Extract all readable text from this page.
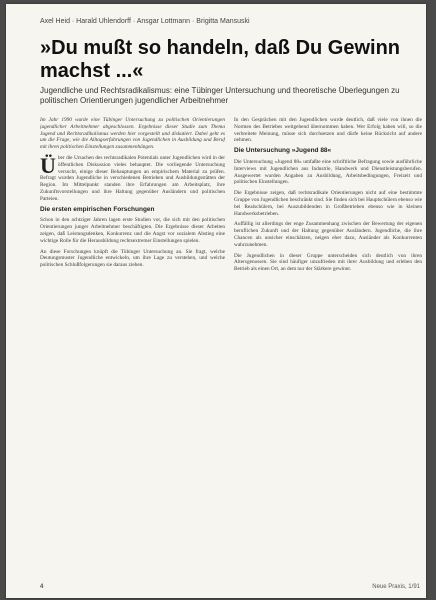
Axel Heid · Harald Uhlendorff · Ansgar Lottmann · Brigitta Mansuski
»Du mußt so handeln, daß Du Gewinn machst ...«
Jugendliche und Rechtsradikalismus: eine Tübinger Untersuchung und theoretische Überlegungen zu politischen Orientierungen jugendlicher Arbeitnehmer

Im Jahr 1990 wurde eine Tübinger Untersuchung zu politischen Orientierungen jugendlicher Arbeitnehmer abgeschlossen. Ergebnisse dieser Studie zum Thema Jugend und Rechtsradikalismus werden hier vorgestellt und diskutiert. Dabei geht es um die Frage, wie die Alltagserfahrungen von Jugendlichen in Ausbildung und Beruf mit ihren politischen Einstellungen zusammenhängen.

Über die Ursachen des rechtsradikalen Potentials unter Jugendlichen wird in der öffentlichen Diskussion vieles behauptet. Die vorliegende Untersuchung versucht, einige dieser Behauptungen an empirischem Material zu prüfen. Befragt wurden Jugendliche in verschiedenen Betrieben und Ausbildungsstätten der Region. Im Mittelpunkt standen ihre Erfahrungen am Arbeitsplatz, ihre Zukunftsvorstellungen und ihre Haltung gegenüber Ausländern und politischen Parteien.

Die ersten empirischen Forschungen

Schon in den achtziger Jahren lagen erste Studien vor, die sich mit den politischen Orientierungen junger Arbeitnehmer beschäftigten. Die Ergebnisse dieser Arbeiten zeigen, daß Leistungsdenken, Konkurrenz und die Angst vor sozialem Abstieg eine wichtige Rolle für die Herausbildung rechtsextremer Einstellungen spielen.

An diese Forschungen knüpft die Tübinger Untersuchung an. Sie fragt, welche Deutungsmuster Jugendliche entwickeln, um ihre Lage zu verstehen, und welche politischen Schlußfolgerungen sie daraus ziehen.

In den Gesprächen mit den Jugendlichen wurde deutlich, daß viele von ihnen die Normen des Betriebes weitgehend übernommen haben. Wer Erfolg haben will, so die verbreitete Meinung, müsse sich durchsetzen und dürfe keine Rücksicht auf andere nehmen.

Die Untersuchung »Jugend 88«

Die Untersuchung »Jugend 88« umfaßte eine schriftliche Befragung sowie ausführliche Interviews mit Jugendlichen aus Industrie, Handwerk und Dienstleistungsberufen. Ausgewertet wurden Angaben zu Ausbildung, Arbeitsbedingungen, Freizeit und politischen Einstellungen.

Die Ergebnisse zeigen, daß rechtsradikale Orientierungen nicht auf eine bestimmte Gruppe von Jugendlichen beschränkt sind. Sie finden sich bei Hauptschülern ebenso wie bei Realschülern, bei Auszubildenden in Großbetrieben ebenso wie in kleinen Handwerksbetrieben.

Auffällig ist allerdings der enge Zusammenhang zwischen der Bewertung der eigenen beruflichen Zukunft und der Haltung gegenüber Ausländern. Jugendliche, die ihre Chancen als unsicher einschätzen, neigen eher dazu, Ausländer als Konkurrenten wahrzunehmen.

Die Jugendlichen in dieser Gruppe unterscheiden sich deutlich von ihren Altersgenossen. Sie sind häufiger unzufrieden mit ihrer Ausbildung und erleben den Betrieb als einen Ort, an dem nur der Stärkere gewinnt.

4	Neue Praxis, 1/91
